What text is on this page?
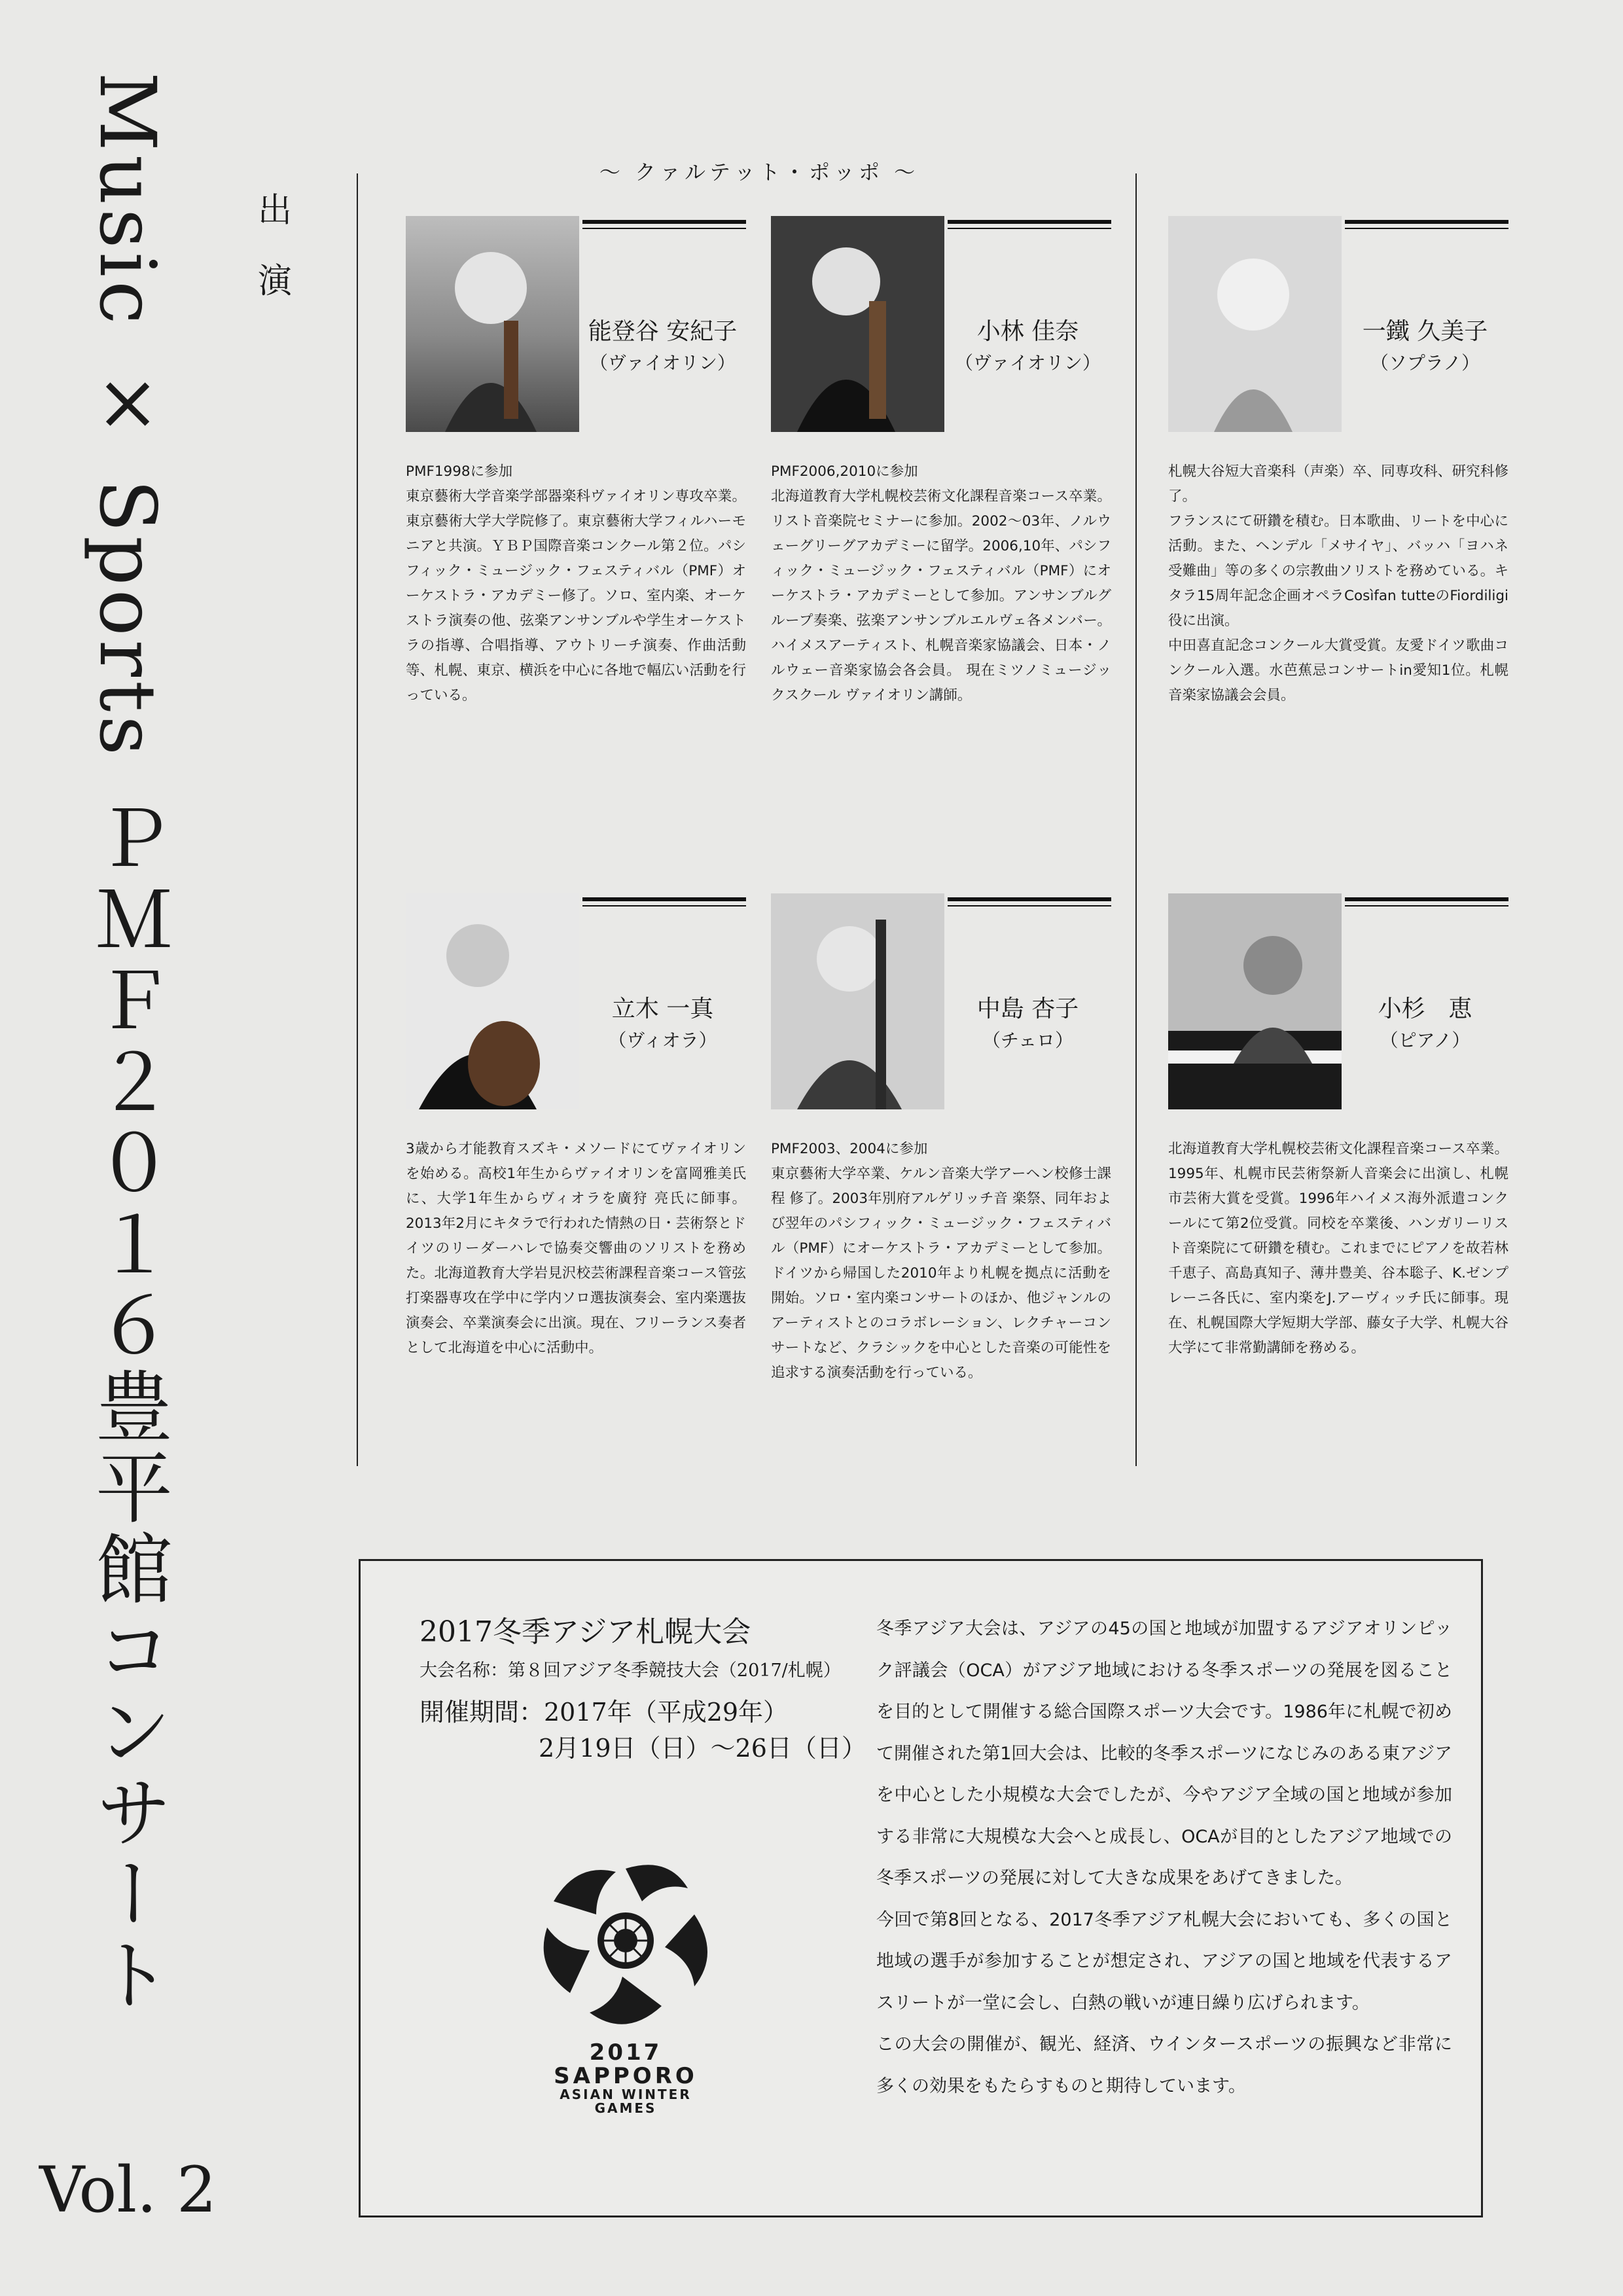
Music × SportsＰＭＦ２０１６豊平館コンサート
Vol. 2
出演
～ クァルテット・ポッポ ～
能登谷 安紀子
（ヴァイオリン）

PMF1998に参加
東京藝術大学音楽学部器楽科ヴァイオリン専攻卒業。東京藝術大学大学院修了。東京藝術大学フィルハーモニアと共演。ＹＢＰ国際音楽コンクール第２位。パシフィック・ミュージック・フェスティバル（PMF）オーケストラ・アカデミー修了。ソロ、室内楽、オーケストラ演奏の他、弦楽アンサンブルや学生オーケストラの指導、合唱指導、アウトリーチ演奏、作曲活動等、札幌、東京、横浜を中心に各地で幅広い活動を行っている。

小林 佳奈
（ヴァイオリン）

PMF2006,2010に参加
北海道教育大学札幌校芸術文化課程音楽コース卒業。リスト音楽院セミナーに参加。2002～03年、ノルウェーグリーグアカデミーに留学。2006,10年、パシフィック・ミュージック・フェスティバル（PMF）にオーケストラ・アカデミーとして参加。アンサンブルグループ奏楽、弦楽アンサンブルエルヴェ各メンバー。ハイメスアーティスト、札幌音楽家協議会、日本・ノルウェー音楽家協会各会員。 現在ミツノミュージックスクール ヴァイオリン講師。

一鐵 久美子
（ソプラノ）

札幌大谷短大音楽科（声楽）卒、同専攻科、研究科修了。
フランスにて研鑽を積む。日本歌曲、リートを中心に活動。また、ヘンデル「メサイヤ」、バッハ「ヨハネ受難曲」等の多くの宗教曲ソリストを務めている。キタラ15周年記念企画オペラCosìfan tutteのFiordiligi役に出演。
中田喜直記念コンクール大賞受賞。友愛ドイツ歌曲コンクール入選。水芭蕉忌コンサートin愛知1位。札幌音楽家協議会会員。

立木 一真
（ヴィオラ）

3歳から才能教育スズキ・メソードにてヴァイオリンを始める。高校1年生からヴァイオリンを富岡雅美氏に、大学1年生からヴィオラを廣狩 亮氏に師事。2013年2月にキタラで行われた情熱の日・芸術祭とドイツのリーダーハレで協奏交響曲のソリストを務めた。北海道教育大学岩見沢校芸術課程音楽コース管弦打楽器専攻在学中に学内ソロ選抜演奏会、室内楽選抜演奏会、卒業演奏会に出演。現在、フリーランス奏者として北海道を中心に活動中。

中島 杏子
（チェロ）

PMF2003、2004に参加
東京藝術大学卒業、ケルン音楽大学アーヘン校修士課程 修了。2003年別府アルゲリッチ音 楽祭、同年および翌年のパシフィック・ミュージック・フェスティバル（PMF）にオーケストラ・アカデミーとして参加。ドイツから帰国した2010年より札幌を拠点に活動を開始。ソロ・室内楽コンサートのほか、他ジャンルのアーティストとのコラボレーション、レクチャーコンサートなど、クラシックを中心とした音楽の可能性を追求する演奏活動を行っている。

小杉　恵
（ピアノ）

北海道教育大学札幌校芸術文化課程音楽コース卒業。1995年、札幌市民芸術祭新人音楽会に出演し、札幌市芸術大賞を受賞。1996年ハイメス海外派遣コンクールにて第2位受賞。同校を卒業後、ハンガリーリスト音楽院にて研鑽を積む。これまでにピアノを故若林千恵子、高島真知子、薄井豊美、谷本聡子、K.ゼンプレーニ各氏に、室内楽をJ.アーヴィッチ氏に師事。現在、札幌国際大学短期大学部、藤女子大学、札幌大谷大学にて非常勤講師を務める。

2017冬季アジア札幌大会
大会名称：第８回アジア冬季競技大会（2017/札幌）
開催期間：2017年（平成29年）
2月19日（日）～26日（日）
2017
SAPPORO
ASIAN WINTER
GAMES

冬季アジア大会は、アジアの45の国と地域が加盟するアジアオリンピック評議会（OCA）がアジア地域における冬季スポーツの発展を図ることを目的として開催する総合国際スポーツ大会です。1986年に札幌で初めて開催された第1回大会は、比較的冬季スポーツになじみのある東アジアを中心とした小規模な大会でしたが、今やアジア全域の国と地域が参加する非常に大規模な大会へと成長し、OCAが目的としたアジア地域での冬季スポーツの発展に対して大きな成果をあげてきました。

今回で第8回となる、2017冬季アジア札幌大会においても、多くの国と地域の選手が参加することが想定され、アジアの国と地域を代表するアスリートが一堂に会し、白熱の戦いが連日繰り広げられます。

この大会の開催が、観光、経済、ウインタースポーツの振興など非常に多くの効果をもたらすものと期待しています。
